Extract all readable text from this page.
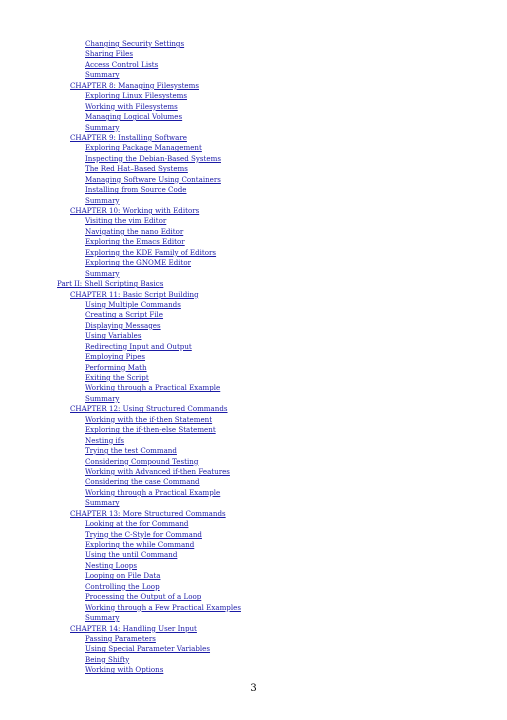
Changing Security Settings
Sharing Files
Access Control Lists
Summary
CHAPTER 8: Managing Filesystems
Exploring Linux Filesystems
Working with Filesystems
Managing Logical Volumes
Summary
CHAPTER 9: Installing Software
Exploring Package Management
Inspecting the Debian-Based Systems
The Red Hat–Based Systems
Managing Software Using Containers
Installing from Source Code
Summary
CHAPTER 10: Working with Editors
Visiting the vim Editor
Navigating the nano Editor
Exploring the Emacs Editor
Exploring the KDE Family of Editors
Exploring the GNOME Editor
Summary
Part II: Shell Scripting Basics
CHAPTER 11: Basic Script Building
Using Multiple Commands
Creating a Script File
Displaying Messages
Using Variables
Redirecting Input and Output
Employing Pipes
Performing Math
Exiting the Script
Working through a Practical Example
Summary
CHAPTER 12: Using Structured Commands
Working with the if-then Statement
Exploring the if-then-else Statement
Nesting ifs
Trying the test Command
Considering Compound Testing
Working with Advanced if-then Features
Considering the case Command
Working through a Practical Example
Summary
CHAPTER 13: More Structured Commands
Looking at the for Command
Trying the C-Style for Command
Exploring the while Command
Using the until Command
Nesting Loops
Looping on File Data
Controlling the Loop
Processing the Output of a Loop
Working through a Few Practical Examples
Summary
CHAPTER 14: Handling User Input
Passing Parameters
Using Special Parameter Variables
Being Shifty
Working with Options
3
